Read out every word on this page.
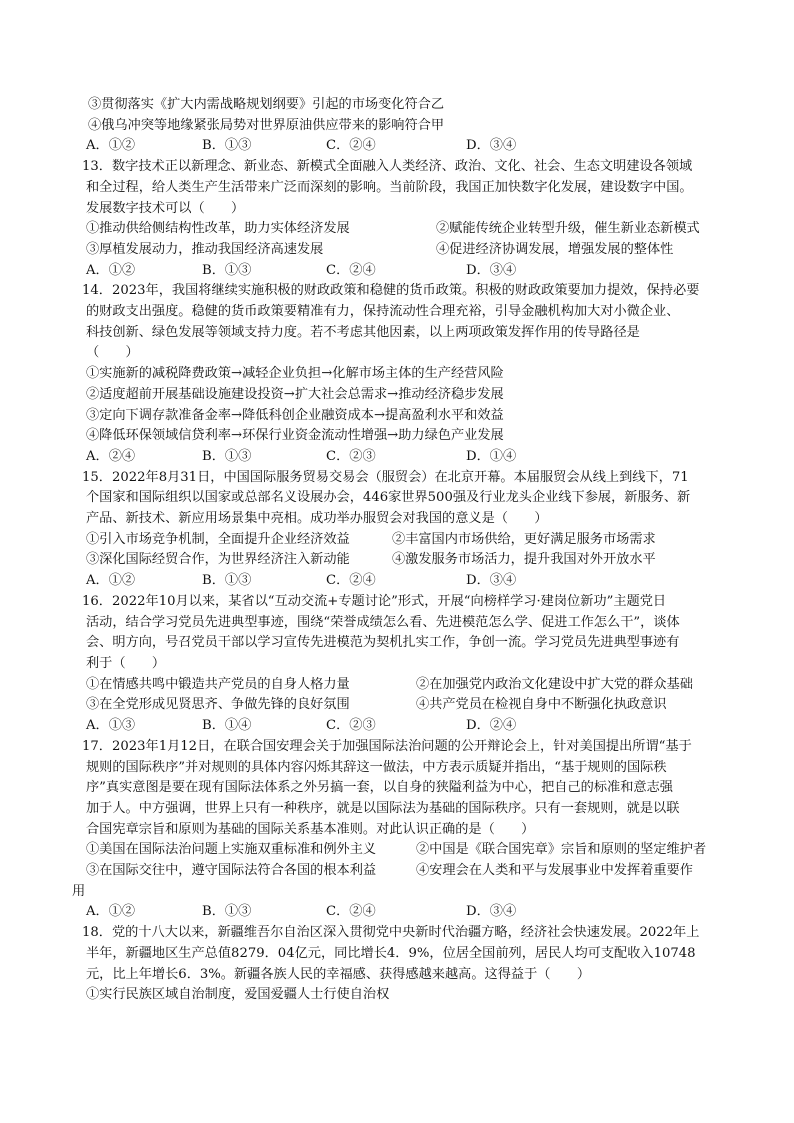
③贯彻落实《扩大内需战略规划纲要》引起的市场变化符合乙
④俄乌冲突等地缘紧张局势对世界原油供应带来的影响符合甲
A．①②	B．①③	C．②④	D．③④
13．数字技术正以新理念、新业态、新模式全面融入人类经济、政治、文化、社会、生态文明建设各领域
和全过程，给人类生产生活带来广泛而深刻的影响。当前阶段，我国正加快数字化发展，建设数字中国。
发展数字技术可以（　　）
①推动供给侧结构性改革，助力实体经济发展	②赋能传统企业转型升级，催生新业态新模式
③厚植发展动力，推动我国经济高速发展	④促进经济协调发展，增强发展的整体性
A．①②	B．①③	C．②④	D．③④
14．2023年，我国将继续实施积极的财政政策和稳健的货币政策。积极的财政政策要加力提效，保持必要
的财政支出强度。稳健的货币政策要精准有力，保持流动性合理充裕，引导金融机构加大对小微企业、
科技创新、绿色发展等领域支持力度。若不考虑其他因素，以上两项政策发挥作用的传导路径是
（　　）
①实施新的减税降费政策→减轻企业负担→化解市场主体的生产经营风险
②适度超前开展基础设施建设投资→扩大社会总需求→推动经济稳步发展
③定向下调存款准备金率→降低科创企业融资成本→提高盈利水平和效益
④降低环保领域信贷利率→环保行业资金流动性增强→助力绿色产业发展
A．②④	B．①③	C．②③	D．①④
15．2022年8月31日，中国国际服务贸易交易会（服贸会）在北京开幕。本届服贸会从线上到线下，71
个国家和国际组织以国家或总部名义设展办会，446家世界500强及行业龙头企业线下参展，新服务、新
产品、新技术、新应用场景集中亮相。成功举办服贸会对我国的意义是（　　）
①引入市场竞争机制，全面提升企业经济效益	②丰富国内市场供给，更好满足服务市场需求
③深化国际经贸合作，为世界经济注入新动能	④激发服务市场活力，提升我国对外开放水平
A．①②	B．①③	C．②④	D．③④
16．2022年10月以来，某省以“互动交流+专题讨论”形式，开展“向榜样学习·建岗位新功”主题党日
活动，结合学习党员先进典型事迹，围绕“荣誉成绩怎么看、先进模范怎么学、促进工作怎么干”，谈体
会、明方向，号召党员干部以学习宣传先进模范为契机扎实工作，争创一流。学习党员先进典型事迹有
利于（　　）
①在情感共鸣中锻造共产党员的自身人格力量	②在加强党内政治文化建设中扩大党的群众基础
③在全党形成见贤思齐、争做先锋的良好氛围	④共产党员在检视自身中不断强化执政意识
A．①③	B．①④	C．②③	D．②④
17．2023年1月12日，在联合国安理会关于加强国际法治问题的公开辩论会上，针对美国提出所谓“基于
规则的国际秩序”并对规则的具体内容闪烁其辞这一做法，中方表示质疑并指出，“基于规则的国际秩
序”真实意图是要在现有国际法体系之外另搞一套，以自身的狭隘利益为中心，把自己的标准和意志强
加于人。中方强调，世界上只有一种秩序，就是以国际法为基础的国际秩序。只有一套规则，就是以联
合国宪章宗旨和原则为基础的国际关系基本准则。对此认识正确的是（　　）
①美国在国际法治问题上实施双重标准和例外主义	②中国是《联合国宪章》宗旨和原则的坚定维护者
③在国际交往中，遵守国际法符合各国的根本利益	④安理会在人类和平与发展事业中发挥着重要作
用
A．①②	B．①③	C．②④	D．③④
18．党的十八大以来，新疆维吾尔自治区深入贯彻党中央新时代治疆方略，经济社会快速发展。2022年上
半年，新疆地区生产总值8279．04亿元，同比增长4．9%，位居全国前列，居民人均可支配收入10748
元，比上年增长6．3%。新疆各族人民的幸福感、获得感越来越高。这得益于（　　）
①实行民族区域自治制度，爱国爱疆人士行使自治权
